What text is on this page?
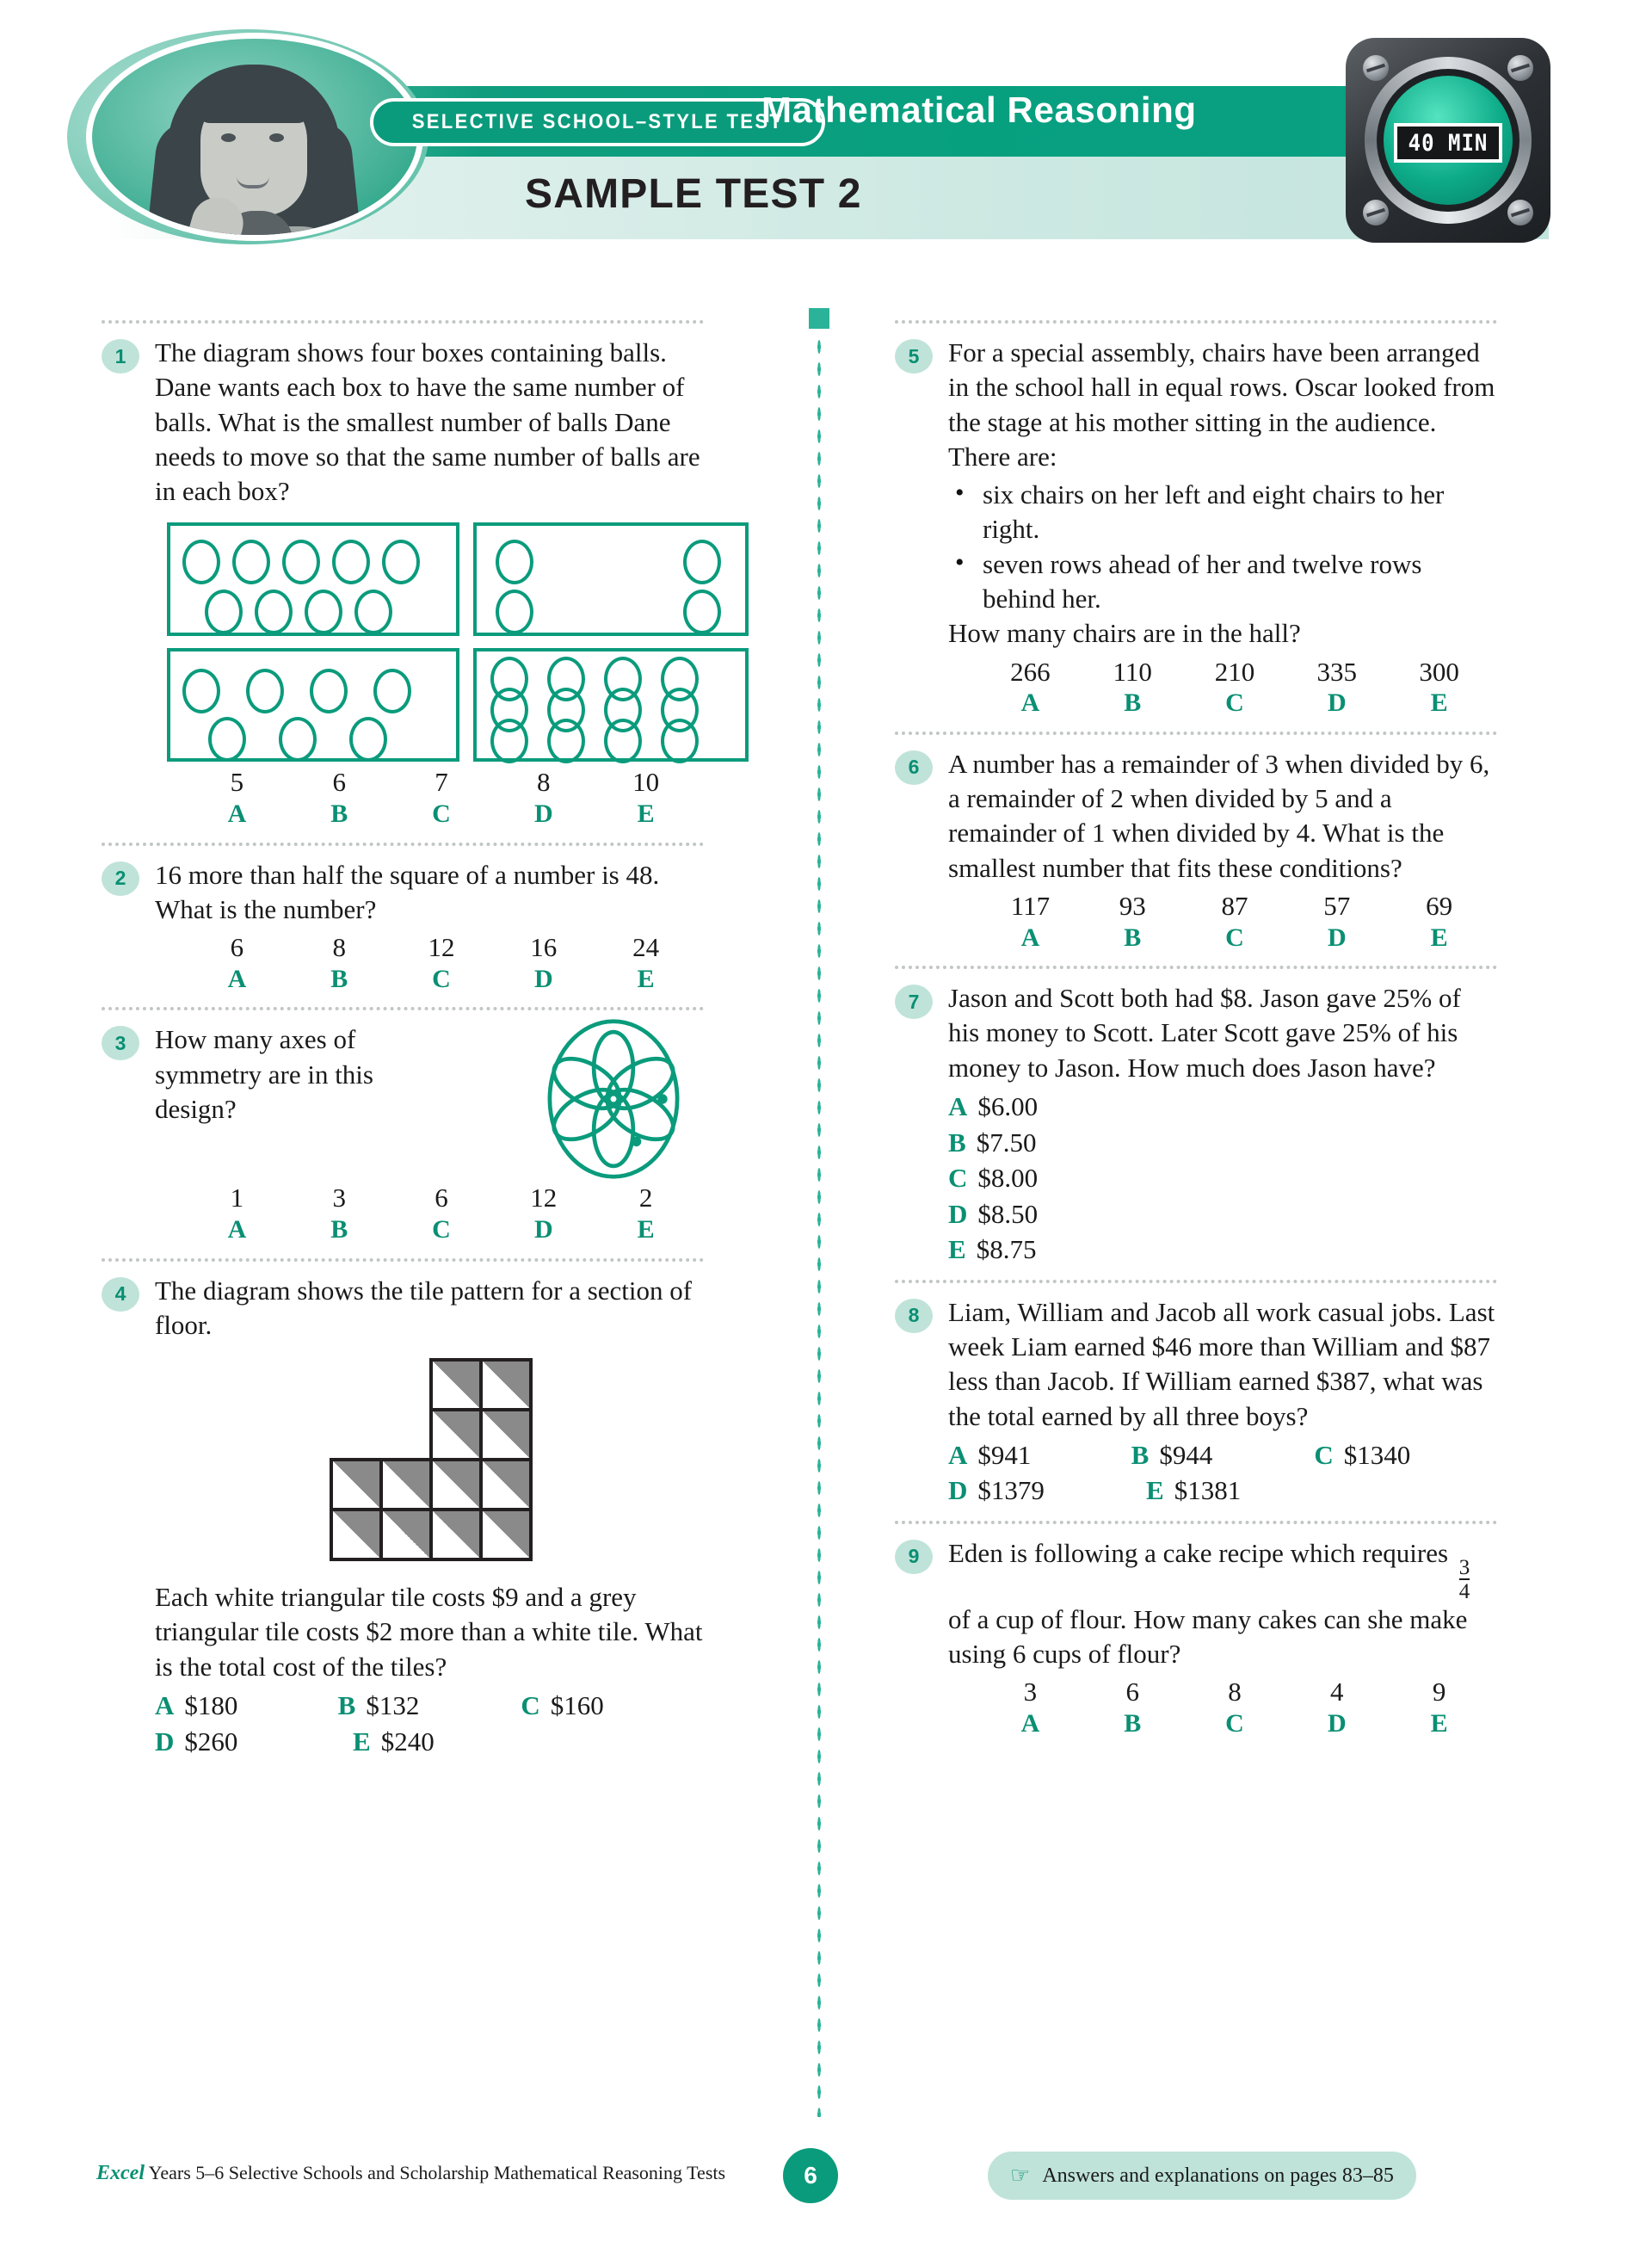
SELECTIVE SCHOOL–STYLE TEST
Mathematical Reasoning
SAMPLE TEST 2
40 MIN
1	The diagram shows four boxes containing balls. Dane wants each box to have the same number of balls. What is the smallest number of balls Dane needs to move so that the same number of balls are in each box?
5	6	7	8	10
A	B	C	D	E
2	16 more than half the square of a number is 48. What is the number?
6	8	12	16	24
A	B	C	D	E
3	How many axes of symmetry are in this design?
1	3	6	12	2
A	B	C	D	E
4	The diagram shows the tile pattern for a section of floor.
Each white triangular tile costs $9 and a grey triangular tile costs $2 more than a white tile. What is the total cost of the tiles?
A $180	B $132	C $160
D $260	E $240
5	For a special assembly, chairs have been arranged in the school hall in equal rows. Oscar looked from the stage at his mother sitting in the audience. There are:
• six chairs on her left and eight chairs to her right.
• seven rows ahead of her and twelve rows behind her.
How many chairs are in the hall?
266	110	210	335	300
A	B	C	D	E
6	A number has a remainder of 3 when divided by 6, a remainder of 2 when divided by 5 and a remainder of 1 when divided by 4. What is the smallest number that fits these conditions?
117	93	87	57	69
A	B	C	D	E
7	Jason and Scott both had $8. Jason gave 25% of his money to Scott. Later Scott gave 25% of his money to Jason. How much does Jason have?
A $6.00
B $7.50
C $8.00
D $8.50
E $8.75
8	Liam, William and Jacob all work casual jobs. Last week Liam earned $46 more than William and $87 less than Jacob. If William earned $387, what was the total earned by all three boys?
A $941	B $944	C $1340
D $1379	E $1381
9	Eden is following a cake recipe which requires
$\frac{3}{4}$
of a cup of flour. How many cakes can she make using 6 cups of flour?
3	6	8	4	9
A	B	C	D	E
Excel Years 5–6 Selective Schools and Scholarship Mathematical Reasoning Tests	6	☞ Answers and explanations on pages 83–85
